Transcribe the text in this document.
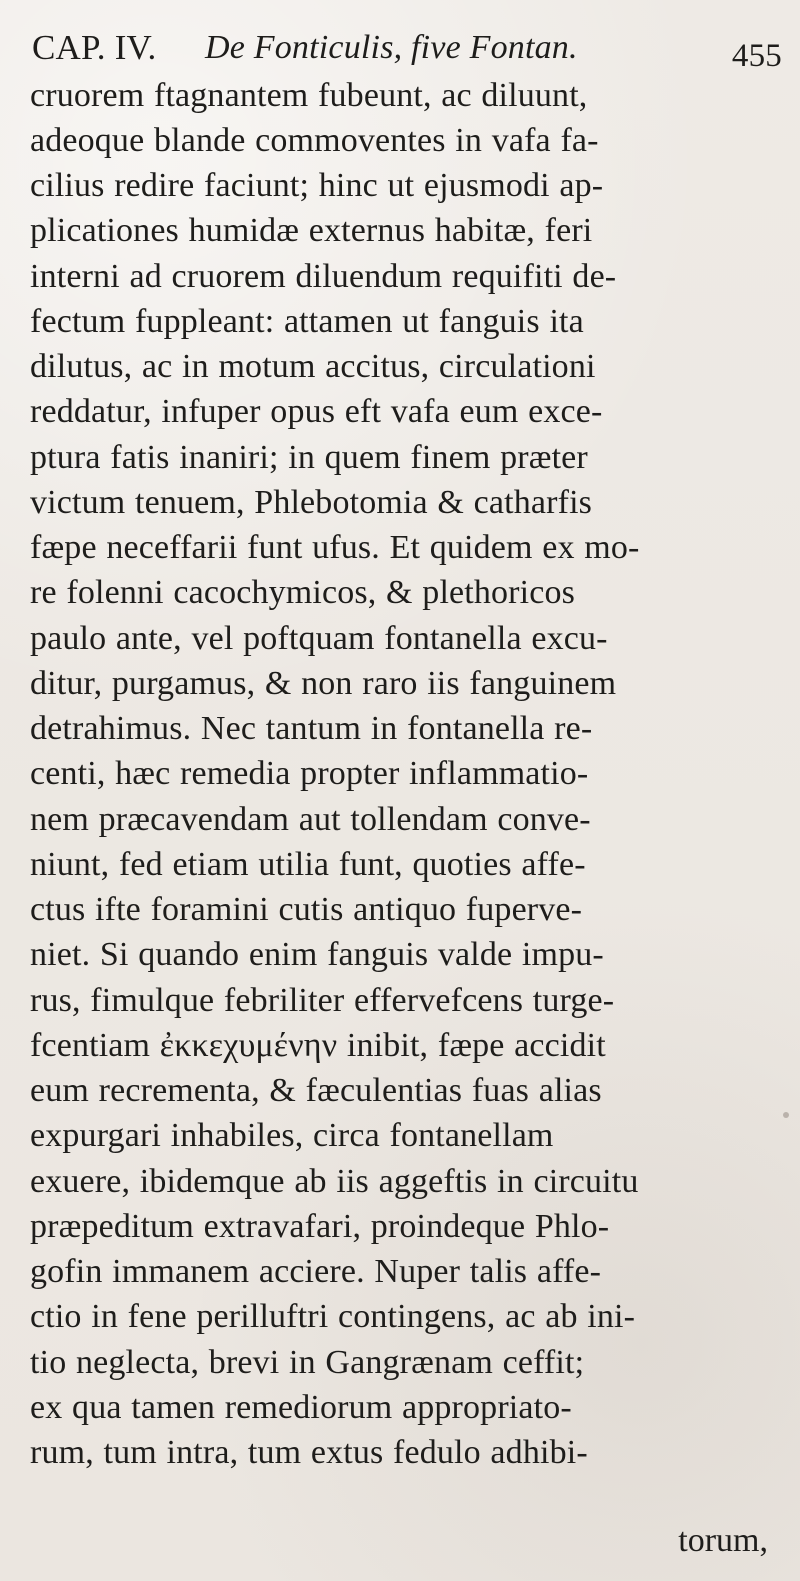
CAP. IV. De Fonticulis, five Fontan.	455
cruorem ftagnantem fubeunt, ac diluunt,
adeoque blande commoventes in vafa fa-
cilius redire faciunt; hinc ut ejusmodi ap-
plicationes humidæ externus habitæ, feri
interni ad cruorem diluendum requifiti de-
fectum fuppleant: attamen ut fanguis ita
dilutus, ac in motum accitus, circulationi
reddatur, infuper opus eft vafa eum exce-
ptura fatis inaniri; in quem finem præter
victum tenuem, Phlebotomia & catharfis
fæpe neceffarii funt ufus. Et quidem ex mo-
re folenni cacochymicos, & plethoricos
paulo ante, vel poftquam fontanella excu-
ditur, purgamus, & non raro iis fanguinem
detrahimus. Nec tantum in fontanella re-
centi, hæc remedia propter inflammatio-
nem præcavendam aut tollendam conve-
niunt, fed etiam utilia funt, quoties affe-
ctus ifte foramini cutis antiquo fuperve-
niet. Si quando enim fanguis valde impu-
rus, fimulque febriliter effervefcens turge-
fcentiam ἐκκεχυμένην inibit, fæpe accidit
eum recrementa, & fæculentias fuas alias
expurgari inhabiles, circa fontanellam
exuere, ibidemque ab iis aggeftis in circuitu
præpeditum extravafari, proindeque Phlo-
gofin immanem acciere. Nuper talis affe-
ctio in fene perilluftri contingens, ac ab ini-
tio neglecta, brevi in Gangrænam ceffit;
ex qua tamen remediorum appropriato-
rum, tum intra, tum extus fedulo adhibi-
torum,
